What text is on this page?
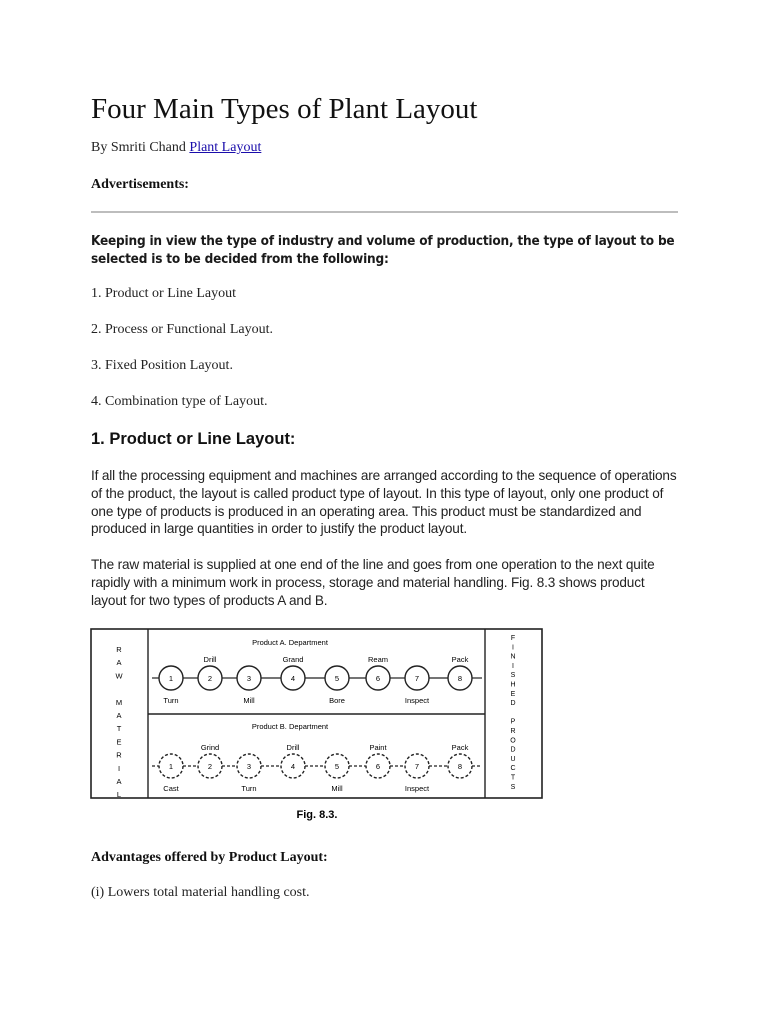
Four Main Types of Plant Layout
By Smriti Chand Plant Layout
Advertisements:
Keeping in view the type of industry and volume of production, the type of layout to be selected is to be decided from the following:
1. Product or Line Layout
2. Process or Functional Layout.
3. Fixed Position Layout.
4. Combination type of Layout.
1. Product or Line Layout:
If all the processing equipment and machines are arranged according to the sequence of operations of the product, the layout is called product type of layout. In this type of layout, only one product of one type of products is produced in an operating area. This product must be standardized and produced in large quantities in order to justify the product layout.
The raw material is supplied at one end of the line and goes from one operation to the next quite rapidly with a minimum work in process, storage and material handling. Fig. 8.3 shows product layout for two types of products A and B.
Product A. Department
Product B. Department
R
A
W
M
A
T
E
R
I
A
L
F
I
N
I
S
H
E
D
P
R
O
D
U
C
T
S
1	2	3	4	5	6	7	8
Drill	Grand	Ream	Pack
Turn	Mill	Bore	Inspect
1	2	3	4	5	6	7	8
Grind	Drill	Paint	Pack
Cast	Turn	Mill	Inspect
Fig. 8.3.
Advantages offered by Product Layout:
(i) Lowers total material handling cost.
